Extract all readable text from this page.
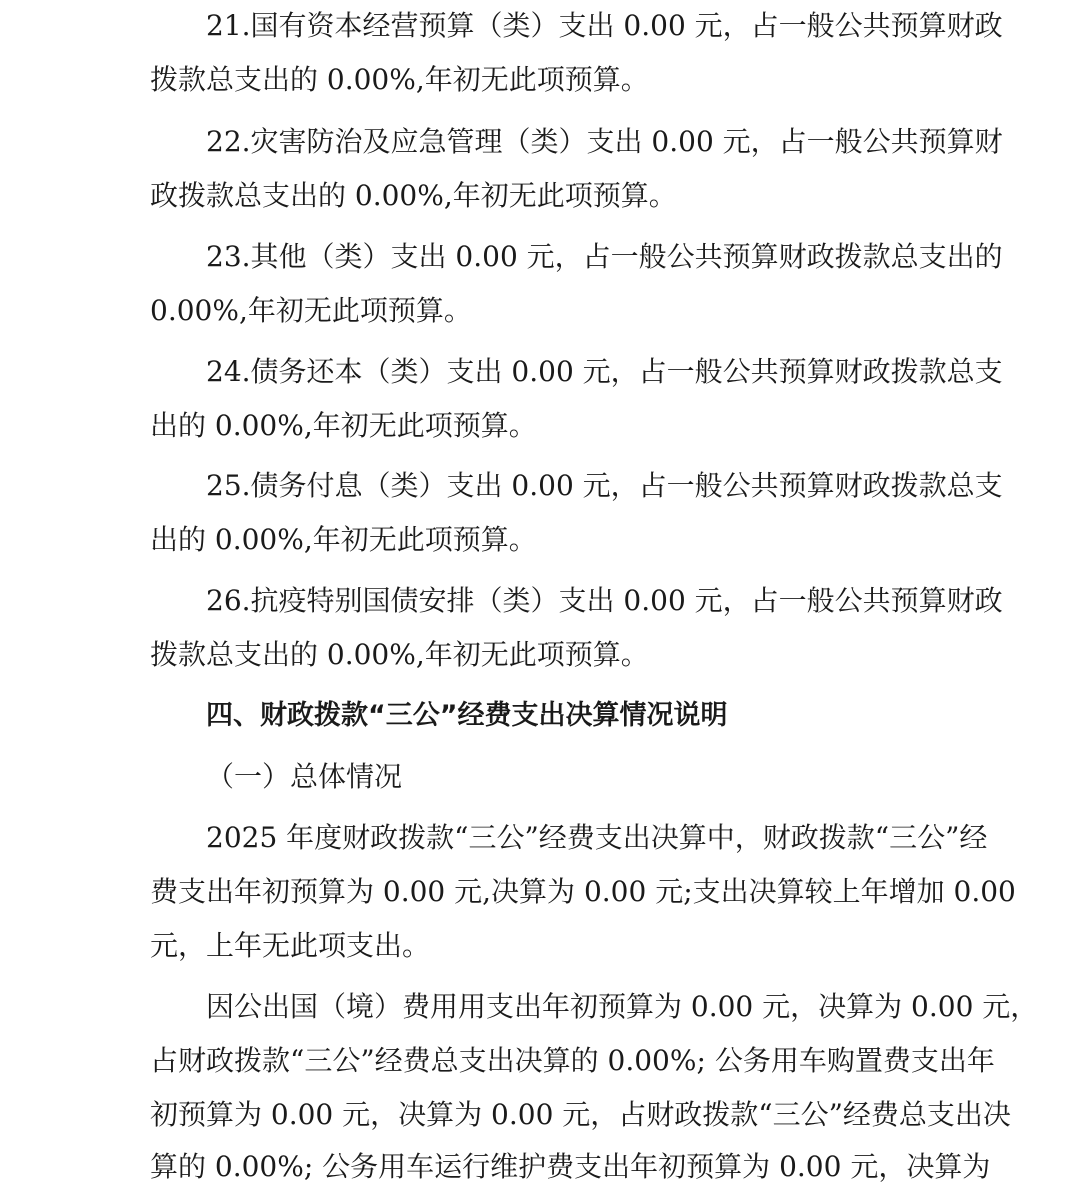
21.国有资本经营预算（类）支出 0.00 元，占一般公共预算财政
拨款总支出的 0.00%,年初无此项预算。
22.灾害防治及应急管理（类）支出 0.00 元，占一般公共预算财
政拨款总支出的 0.00%,年初无此项预算。
23.其他（类）支出 0.00 元，占一般公共预算财政拨款总支出的
0.00%,年初无此项预算。
24.债务还本（类）支出 0.00 元，占一般公共预算财政拨款总支
出的 0.00%,年初无此项预算。
25.债务付息（类）支出 0.00 元，占一般公共预算财政拨款总支
出的 0.00%,年初无此项预算。
26.抗疫特别国债安排（类）支出 0.00 元，占一般公共预算财政
拨款总支出的 0.00%,年初无此项预算。
四、财政拨款“三公”经费支出决算情况说明
（一）总体情况
2025 年度财政拨款“三公”经费支出决算中，财政拨款“三公”经
费支出年初预算为 0.00 元,决算为 0.00 元;支出决算较上年增加 0.00
元，上年无此项支出。
因公出国（境）费用用支出年初预算为 0.00 元，决算为 0.00 元，
占财政拨款“三公”经费总支出决算的 0.00%; 公务用车购置费支出年
初预算为 0.00 元，决算为 0.00 元，占财政拨款“三公”经费总支出决
算的 0.00%; 公务用车运行维护费支出年初预算为 0.00 元，决算为
